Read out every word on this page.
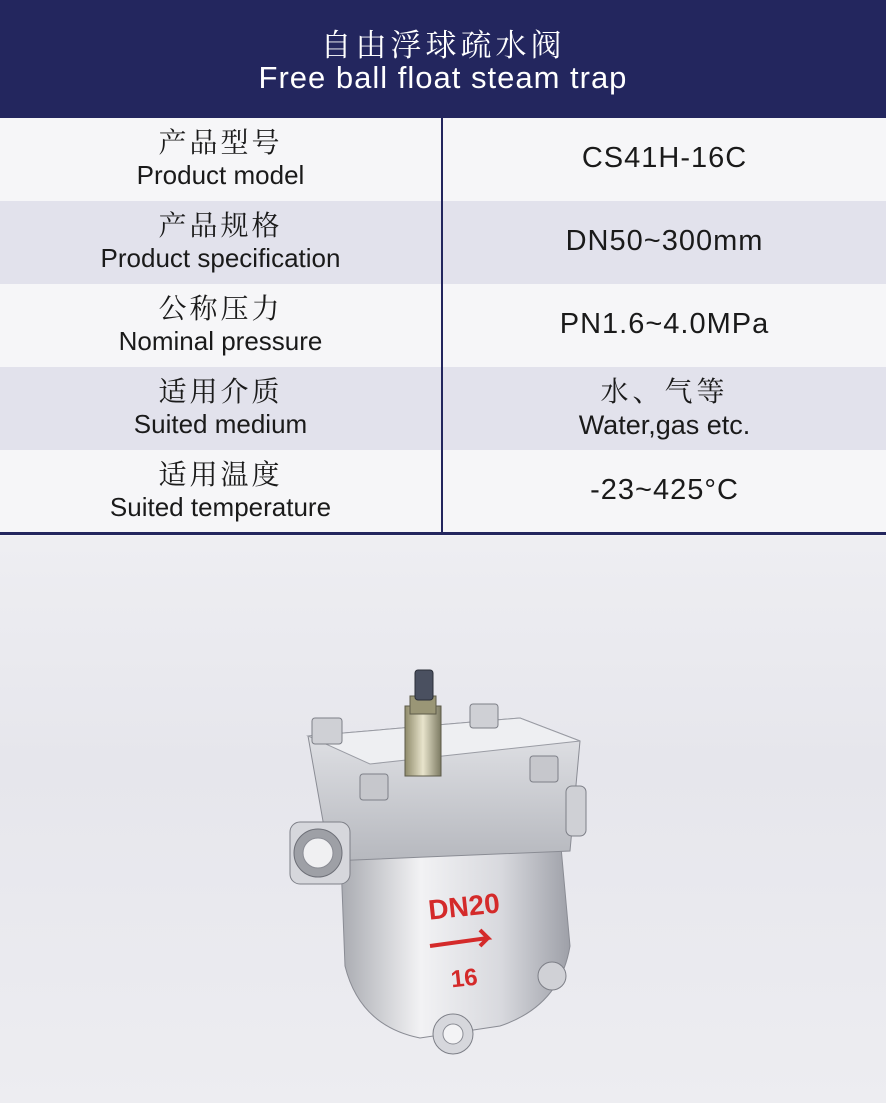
自由浮球疏水阀
Free ball float steam trap
产品型号
Product model
CS41H-16C
产品规格
Product specification
DN50~300mm
公称压力
Nominal pressure
PN1.6~4.0MPa
适用介质
Suited medium
水、气等
Water,gas etc.
适用温度
Suited temperature
-23~425°C
DN20
16
